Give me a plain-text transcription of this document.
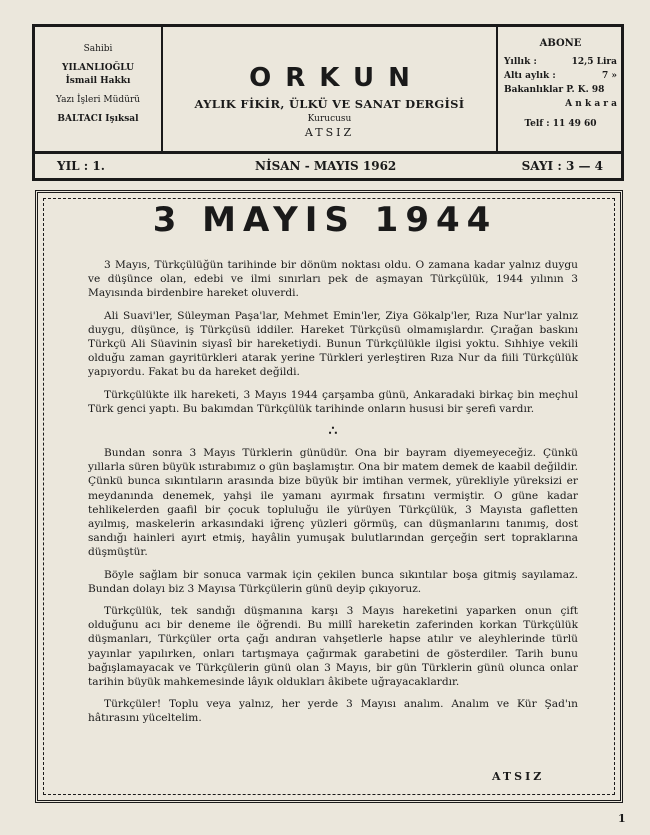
Sahibi
YILANLIOĞLU
İsmail Hakkı
Yazı İşleri Müdürü
BALTACI Işıksal
ORKUN
AYLIK FİKİR, ÜLKÜ VE SANAT DERGİSİ
Kurucusu
ATSIZ
ABONE
Yıllık :	12,5 Lira
Altı aylık :	7 »
Bakanlıklar P. K. 98
A n k a r a
Telf : 11 49 60
YIL : 1.	NİSAN - MAYIS 1962	SAYI : 3 — 4
3 MAYIS 1944

3 Mayıs, Türkçülüğün tarihinde bir dönüm noktası oldu. O zamana kadar yalnız duygu ve düşünce olan, edebi ve ilmi sınırları pek de aşmayan Türkçülük, 1944 yılının 3 Mayısında birdenbire hareket oluverdi.

Ali Suavi'ler, Süleyman Paşa'lar, Mehmet Emin'ler, Ziya Gökalp'ler, Rıza Nur'lar yalnız duygu, düşünce, iş Türkçüsü iddiler. Hareket Türkçüsü olmamışlardır. Çırağan baskını Türkçü Ali Süavinin siyasî bir hareketiydi. Bunun Türkçülükle ilgisi yoktu. Sıhhiye vekili olduğu zaman gayritürkleri atarak yerine Türkleri yerleştiren Rıza Nur da fiili Türkçülük yapıyordu. Fakat bu da hareket değildi.

Türkçülükte ilk hareketi, 3 Mayıs 1944 çarşamba günü, Ankaradaki birkaç bin meçhul Türk genci yaptı. Bu bakımdan Türkçülük tarihinde onların hususi bir şerefi vardır.

∴

Bundan sonra 3 Mayıs Türklerin günüdür. Ona bir bayram diyemeyeceğiz. Çünkü yıllarla süren büyük ıstırabımız o gün başlamıştır. Ona bir matem demek de kaabil değildir. Çünkü bunca sıkıntıların arasında bize büyük bir imtihan vermek, yürekliyle yüreksizi er meydanında denemek, yahşi ile yamanı ayırmak fırsatını vermiştir. O güne kadar tehlikelerden gaafil bir çocuk topluluğu ile yürüyen Türkçülük, 3 Mayısta gafletten ayılmış, maskelerin arkasındaki iğrenç yüzleri görmüş, can düşmanlarını tanımış, dost sandığı hainleri ayırt etmiş, hayâlin yumuşak bulutlarından gerçeğin sert topraklarına düşmüştür.

Böyle sağlam bir sonuca varmak için çekilen bunca sıkıntılar boşa gitmiş sayılamaz. Bundan dolayı biz 3 Mayısa Türkçülerin günü deyip çıkıyoruz.

Türkçülük, tek sandığı düşmanına karşı 3 Mayıs hareketini yaparken onun çift olduğunu acı bir deneme ile öğrendi. Bu millî hareketin zaferinden korkan Türkçülük düşmanları, Türkçüler orta çağı andıran vahşetlerle hapse atılır ve aleyhlerinde türlü yayınlar yapılırken, onları tartışmaya çağırmak garabetini de gösterdiler. Tarih bunu bağışlamayacak ve Türkçülerin günü olan 3 Mayıs, bir gün Türklerin günü olunca onlar tarihin büyük mahkemesinde lâyık oldukları âkibete uğrayacaklardır.

Türkçüler! Toplu veya yalnız, her yerde 3 Mayısı analım. Analım ve Kür Şad'ın hâtırasını yüceltelim.

ATSIZ
1
